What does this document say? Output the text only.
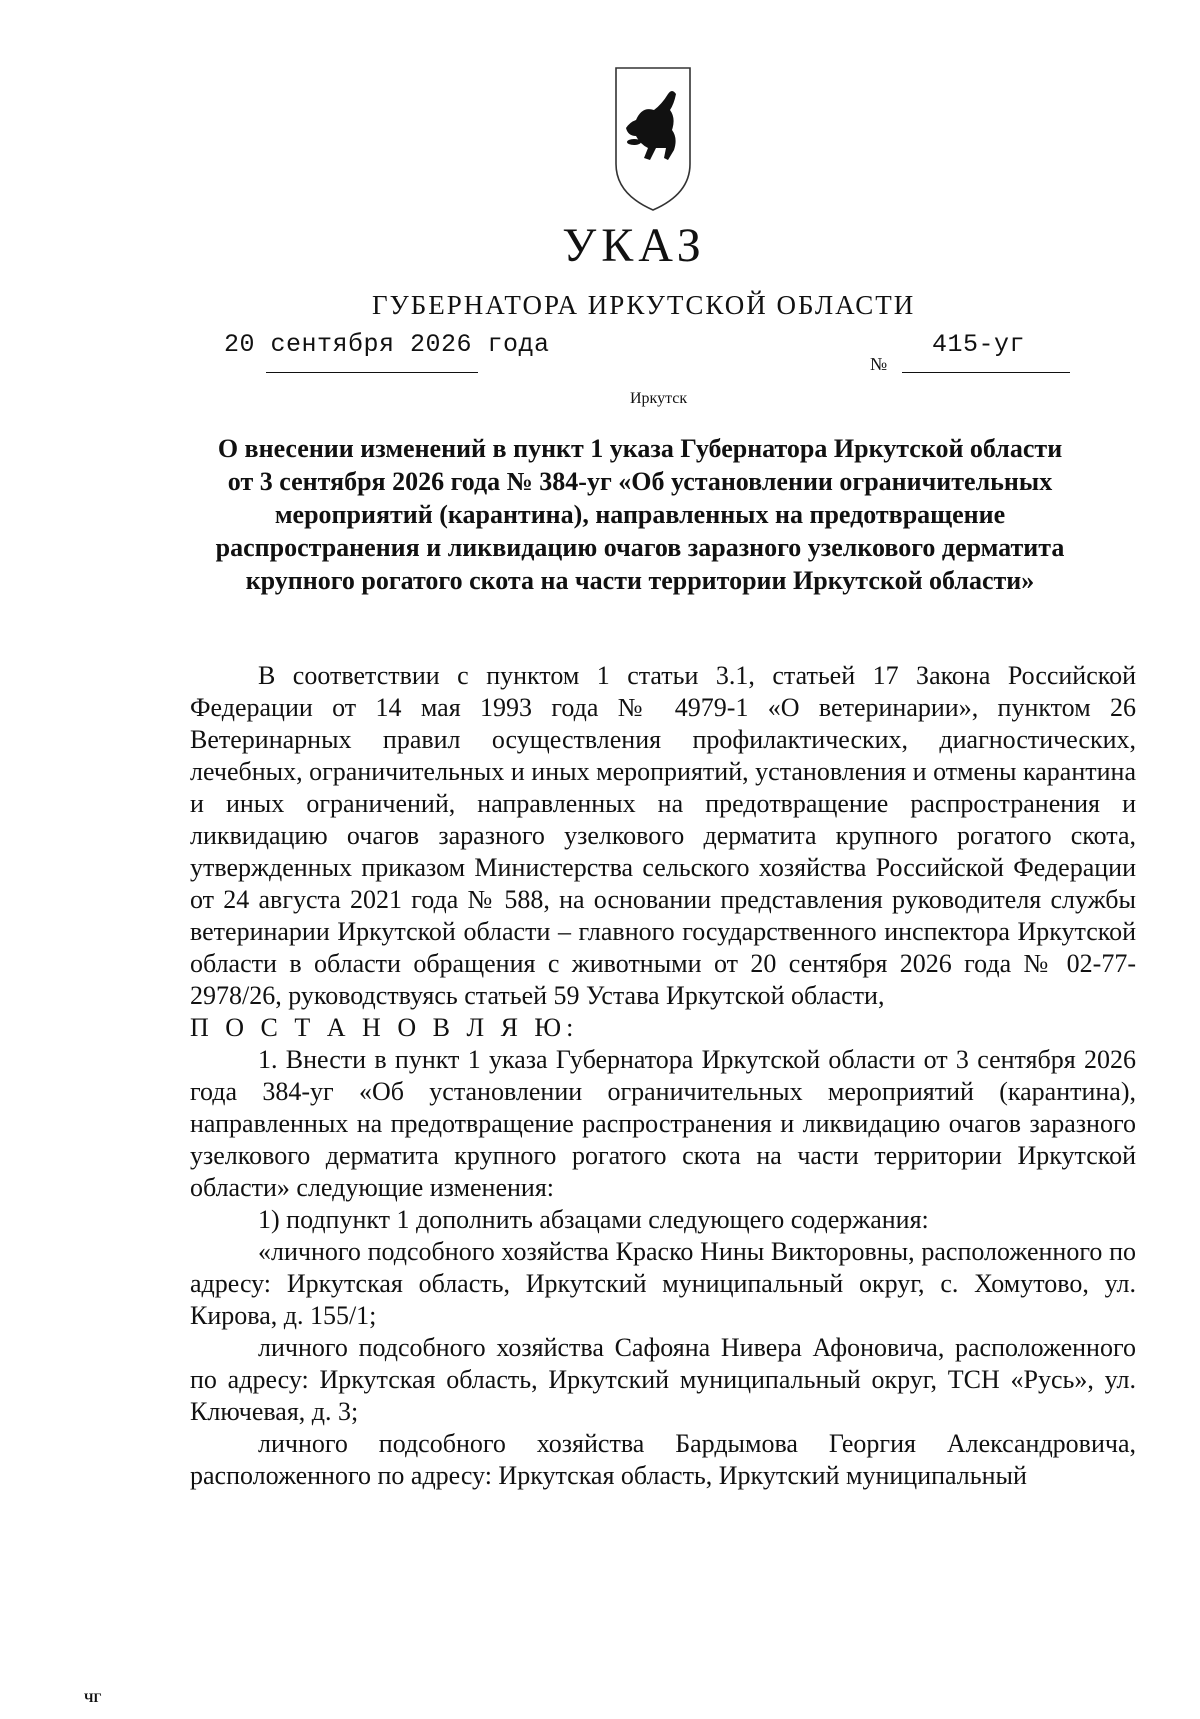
УКАЗ
ГУБЕРНАТОРА ИРКУТСКОЙ ОБЛАСТИ
20 сентября 2026 года
№
415-уг
Иркутск
О внесении изменений в пункт 1 указа Губернатора Иркутской области
от 3 сентября 2026 года № 384-уг «Об установлении ограничительных
мероприятий (карантина), направленных на предотвращение
распространения и ликвидацию очагов заразного узелкового дерматита
крупного рогатого скота на части территории Иркутской области»

В соответствии с пунктом 1 статьи 3.1, статьей 17 Закона Российской Федерации от 14 мая 1993 года № 4979-1 «О ветеринарии», пунктом 26 Ветеринарных правил осуществления профилактических, диагностических, лечебных, ограничительных и иных мероприятий, установления и отмены карантина и иных ограничений, направленных на предотвращение распространения и ликвидацию очагов заразного узелкового дерматита крупного рогатого скота, утвержденных приказом Министерства сельского хозяйства Российской Федерации от 24 августа 2021 года № 588, на основании представления руководителя службы ветеринарии Иркутской области – главного государственного инспектора Иркутской области в области обращения с животными от 20 сентября 2026 года № 02-77-2978/26, руководствуясь статьей 59 Устава Иркутской области,

П О С Т А Н О В Л Я Ю:

1. Внести в пункт 1 указа Губернатора Иркутской области от 3 сентября 2026 года 384-уг «Об установлении ограничительных мероприятий (карантина), направленных на предотвращение распространения и ликвидацию очагов заразного узелкового дерматита крупного рогатого скота на части территории Иркутской области» следующие изменения:

1) подпункт 1 дополнить абзацами следующего содержания:

«личного подсобного хозяйства Краско Нины Викторовны, расположенного по адресу: Иркутская область, Иркутский муниципальный округ, с. Хомутово, ул. Кирова, д. 155/1;

личного подсобного хозяйства Сафояна Нивера Афоновича, расположенного по адресу: Иркутская область, Иркутский муниципальный округ, ТСН «Русь», ул. Ключевая, д. 3;

личного подсобного хозяйства Бардымова Георгия Александровича, расположенного по адресу: Иркутская область, Иркутский муниципальный

ЧГ
